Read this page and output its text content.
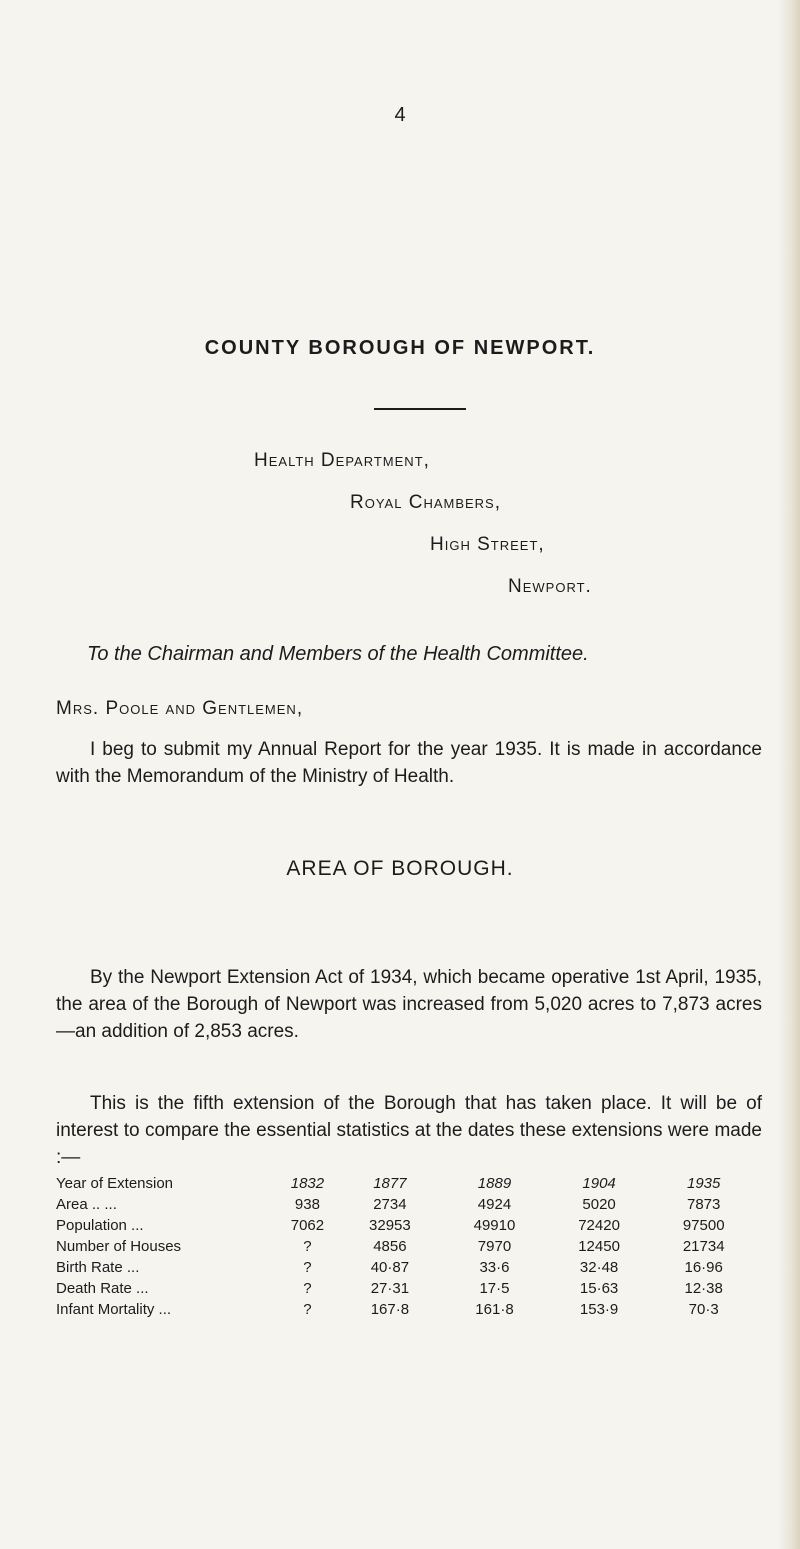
4
COUNTY BOROUGH OF NEWPORT.
Health Department,
Royal Chambers,
High Street,
Newport.
To the Chairman and Members of the Health Committee.
Mrs. Poole and Gentlemen,
I beg to submit my Annual Report for the year 1935. It is made in accordance with the Memorandum of the Ministry of Health.
AREA OF BOROUGH.
By the Newport Extension Act of 1934, which became operative 1st April, 1935, the area of the Borough of Newport was increased from 5,020 acres to 7,873 acres—an addition of 2,853 acres.
This is the fifth extension of the Borough that has taken place. It will be of interest to compare the essential statistics at the dates these extensions were made :—
Year of Extension	1832	1877	1889	1904	1935
Area .. ...	938	2734	4924	5020	7873
Population ...	7062	32953	49910	72420	97500
Number of Houses	?	4856	7970	12450	21734
Birth Rate ...	?	40·87	33·6	32·48	16·96
Death Rate ...	?	27·31	17·5	15·63	12·38
Infant Mortality ...	?	167·8	161·8	153·9	70·3
